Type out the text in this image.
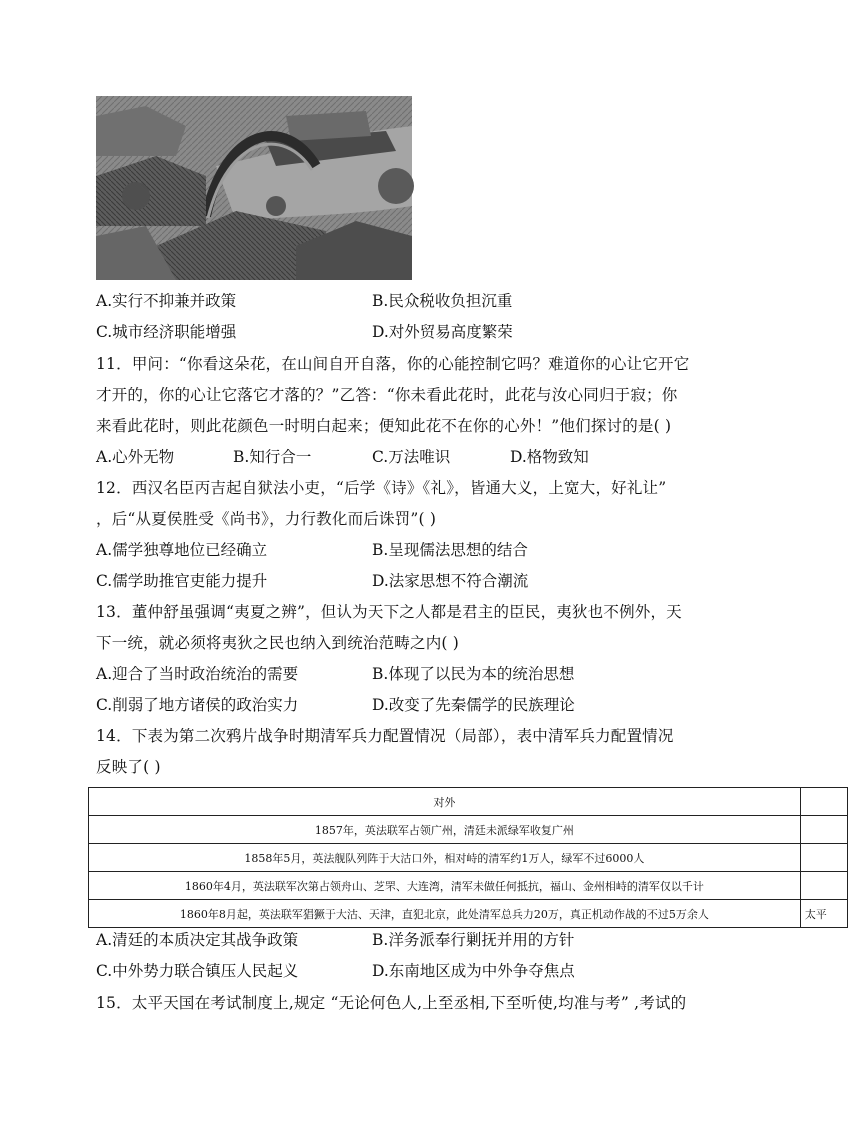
A.实行不抑兼并政策	B.民众税收负担沉重
C.城市经济职能增强	D.对外贸易高度繁荣
11．甲问：“你看这朵花，在山间自开自落，你的心能控制它吗？难道你的心让它开它
才开的，你的心让它落它才落的？”乙答：“你未看此花时，此花与汝心同归于寂；你
来看此花时，则此花颜色一时明白起来；便知此花不在你的心外！”他们探讨的是( )
A.心外无物	B.知行合一	C.万法唯识	D.格物致知
12．西汉名臣丙吉起自狱法小吏，“后学《诗》《礼》，皆通大义，上宽大，好礼让”
，后“从夏侯胜受《尚书》，力行教化而后诛罚”( )
A.儒学独尊地位已经确立	B.呈现儒法思想的结合
C.儒学助推官吏能力提升	D.法家思想不符合潮流
13．董仲舒虽强调“夷夏之辨”，但认为天下之人都是君主的臣民，夷狄也不例外，天
下一统，就必须将夷狄之民也纳入到统治范畴之内( )
A.迎合了当时政治统治的需要	B.体现了以民为本的统治思想
C.削弱了地方诸侯的政治实力	D.改变了先秦儒学的民族理论
14．下表为第二次鸦片战争时期清军兵力配置情况（局部），表中清军兵力配置情况
反映了( )
对外	
1857年，英法联军占领广州，清廷未派绿军收复广州	
1858年5月，英法舰队列阵于大沽口外，相对峙的清军约1万人，绿军不过6000人	
1860年4月，英法联军次第占领舟山、芝罘、大连湾，清军未做任何抵抗，福山、金州相峙的清军仅以千计	
1860年8月起，英法联军猖獗于大沽、天津，直犯北京，此处清军总兵力20万，真正机动作战的不过5万余人	太平
A.清廷的本质决定其战争政策	B.洋务派奉行剿抚并用的方针
C.中外势力联合镇压人民起义	D.东南地区成为中外争夺焦点
15．太平天国在考试制度上,规定 “无论何色人,上至丞相,下至听使,均准与考” ,考试的
